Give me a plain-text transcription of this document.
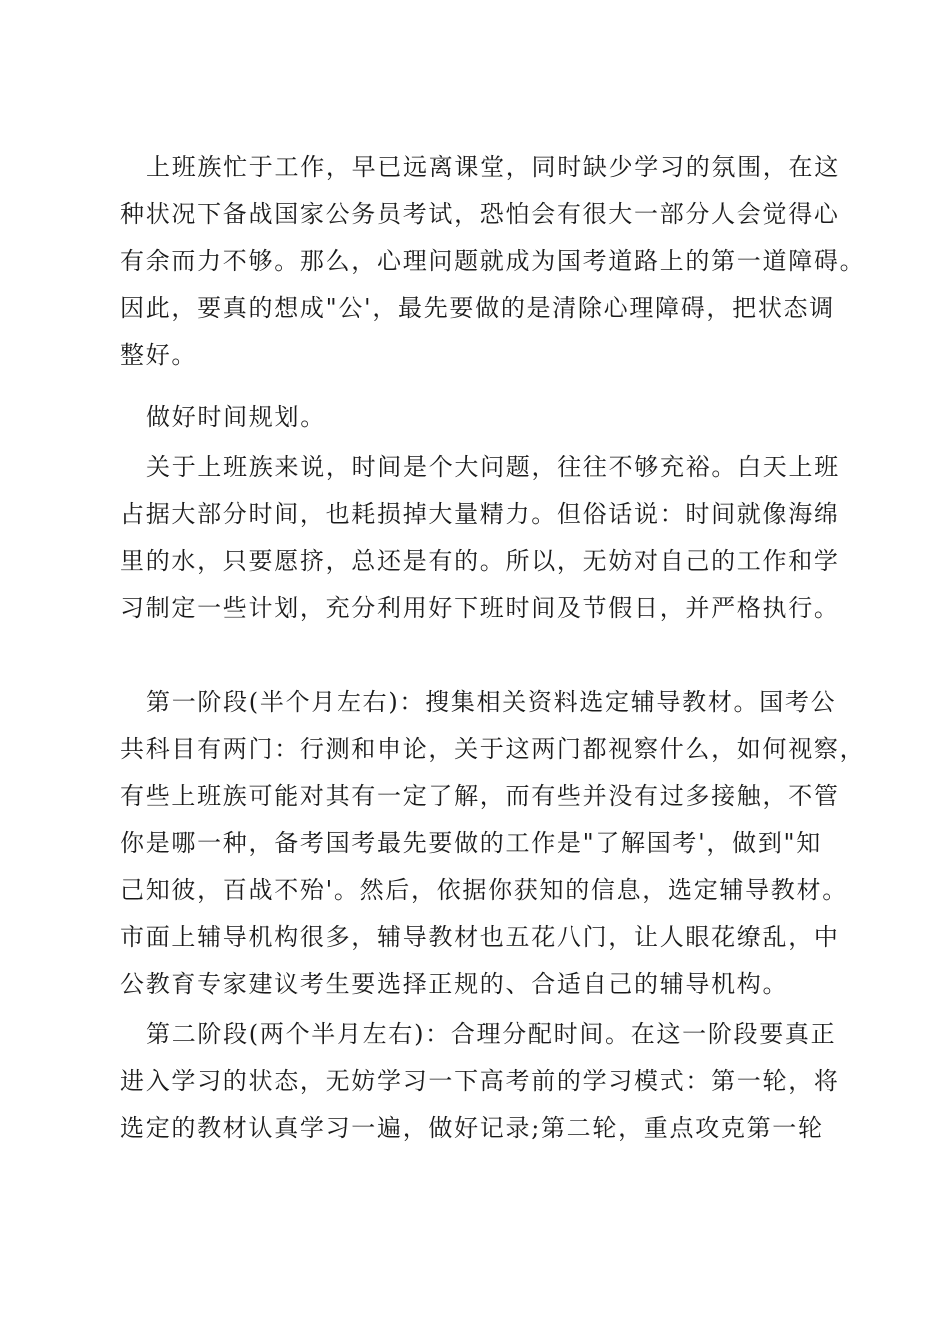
上班族忙于工作，早已远离课堂，同时缺少学习的氛围，在这

种状况下备战国家公务员考试，恐怕会有很大一部分人会觉得心

有余而力不够。那么，心理问题就成为国考道路上的第一道障碍。

因此，要真的想成"公'，最先要做的是清除心理障碍，把状态调

整好。

做好时间规划。

关于上班族来说，时间是个大问题，往往不够充裕。白天上班

占据大部分时间，也耗损掉大量精力。但俗话说：时间就像海绵

里的水，只要愿挤，总还是有的。所以，无妨对自己的工作和学

习制定一些计划，充分利用好下班时间及节假日，并严格执行。

第一阶段(半个月左右)：搜集相关资料选定辅导教材。国考公

共科目有两门：行测和申论，关于这两门都视察什么，如何视察，

有些上班族可能对其有一定了解，而有些并没有过多接触，不管

你是哪一种，备考国考最先要做的工作是"了解国考'，做到"知

己知彼，百战不殆'。然后，依据你获知的信息，选定辅导教材。

市面上辅导机构很多，辅导教材也五花八门，让人眼花缭乱，中

公教育专家建议考生要选择正规的、合适自己的辅导机构。

第二阶段(两个半月左右)：合理分配时间。在这一阶段要真正

进入学习的状态，无妨学习一下高考前的学习模式：第一轮，将

选定的教材认真学习一遍，做好记录;第二轮，重点攻克第一轮
